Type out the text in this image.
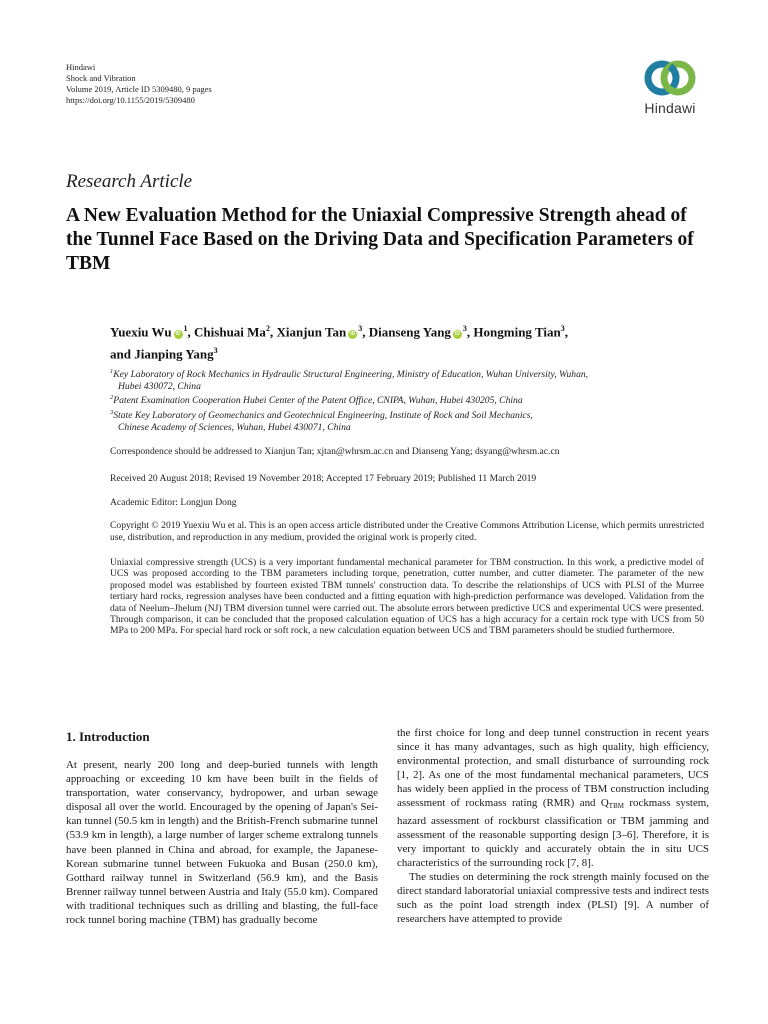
Hindawi
Shock and Vibration
Volume 2019, Article ID 5309480, 9 pages
https://doi.org/10.1155/2019/5309480	Hindawi
Research Article
A New Evaluation Method for the Uniaxial Compressive Strength ahead of the Tunnel Face Based on the Driving Data and Specification Parameters of TBM
Yuexiu Wu $iD^1$, Chishuai Ma$^2$, Xianjun Tan $iD^3$, Dianseng Yang $iD^3$, Hongming Tian$^3$,
and Jianping Yang$^3$
$^1$Key Laboratory of Rock Mechanics in Hydraulic Structural Engineering, Ministry of Education, Wuhan University, Wuhan,
Hubei 430072, China
$^2$Patent Examination Cooperation Hubei Center of the Patent Office, CNIPA, Wuhan, Hubei 430205, China
$^3$State Key Laboratory of Geomechanics and Geotechnical Engineering, Institute of Rock and Soil Mechanics,
Chinese Academy of Sciences, Wuhan, Hubei 430071, China
Correspondence should be addressed to Xianjun Tan; xjtan@whrsm.ac.cn and Dianseng Yang; dsyang@whrsm.ac.cn
Received 20 August 2018; Revised 19 November 2018; Accepted 17 February 2019; Published 11 March 2019
Academic Editor: Longjun Dong
Copyright © 2019 Yuexiu Wu et al. This is an open access article distributed under the Creative Commons Attribution License, which permits unrestricted use, distribution, and reproduction in any medium, provided the original work is properly cited.
Uniaxial compressive strength (UCS) is a very important fundamental mechanical parameter for TBM construction. In this work, a predictive model of UCS was proposed according to the TBM parameters including torque, penetration, cutter number, and cutter diameter. The parameter of the new proposed model was established by fourteen existed TBM tunnels' construction data. To describe the relationships of UCS with PLSI of the Murree tertiary hard rocks, regression analyses have been conducted and a fitting equation with high-prediction performance was developed. Validation from the data of Neelum–Jhelum (NJ) TBM diversion tunnel were carried out. The absolute errors between predictive UCS and experimental UCS were presented. Through comparison, it can be concluded that the proposed calculation equation of UCS has a high accuracy for a certain rock type with UCS from 50 MPa to 200 MPa. For special hard rock or soft rock, a new calculation equation between UCS and TBM parameters should be studied furthermore.
1. Introduction

At present, nearly 200 long and deep-buried tunnels with length approaching or exceeding 10 km have been built in the fields of transportation, water conservancy, hydropower, and urban sewage disposal all over the world. Encouraged by the opening of Japan's Sei-kan tunnel (50.5 km in length) and the British-French submarine tunnel (53.9 km in length), a large number of larger scheme extralong tunnels have been planned in China and abroad, for example, the Japanese-Korean submarine tunnel between Fukuoka and Busan (250.0 km), Gotthard railway tunnel in Switzerland (56.9 km), and the Basis Brenner railway tunnel between Austria and Italy (55.0 km). Compared with traditional techniques such as drilling and blasting, the full-face rock tunnel boring machine (TBM) has gradually become

the first choice for long and deep tunnel construction in recent years since it has many advantages, such as high quality, high efficiency, environmental protection, and small disturbance of surrounding rock [1, 2]. As one of the most fundamental mechanical parameters, UCS has widely been applied in the process of TBM construction including assessment of rockmass rating (RMR) and $Q_{TBM}$ rockmass system, hazard assessment of rockburst classification or TBM jamming and assessment of the reasonable supporting design [3–6]. Therefore, it is very important to quickly and accurately obtain the in situ UCS characteristics of the surrounding rock [7, 8].

The studies on determining the rock strength mainly focused on the direct standard laboratorial uniaxial compressive tests and indirect tests such as the point load strength index (PLSI) [9]. A number of researchers have attempted to provide
